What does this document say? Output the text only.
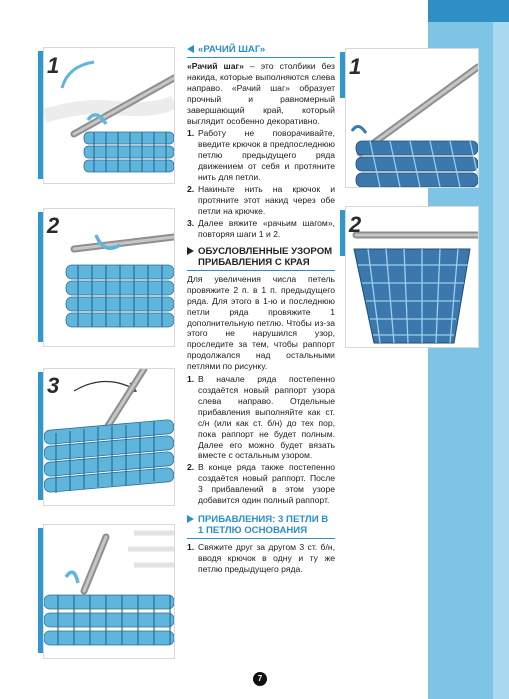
1
2
3
1
2
«РАЧИЙ ШАГ»

«Рачий шаг» – это столбики без накида, которые выполняются слева направо. «Рачий шаг» образует прочный и равномерный завершающий край, который выглядит особенно декоративно.

1. Работу не поворачивайте, введите крючок в предпоследнюю петлю предыдущего ряда движением от себя и протяните нить для петли.
2. Накиньте нить на крючок и протяните этот накид через обе петли на крючке.
3. Далее вяжите «рачьим шагом», повторяя шаги 1 и 2.
ОБУСЛОВЛЕННЫЕ УЗОРОМ ПРИБАВЛЕНИЯ С КРАЯ

Для увеличения числа петель провяжите 2 п. в 1 п. предыдущего ряда. Для этого в 1-ю и последнюю петли ряда провяжите 1 дополнительную петлю. Чтобы из-за этого не нарушился узор, проследите за тем, чтобы раппорт продолжался над остальными петлями по рисунку.

1. В начале ряда постепенно создаётся новый раппорт узора слева направо. Отдельные прибавления выполняйте как ст. с/н (или как ст. б/н) до тех пор, пока раппорт не будет полным. Далее его можно будет вязать вместе с остальным узором.
2. В конце ряда также постепенно создаётся новый раппорт. После 3 прибавлений в этом узоре добавится один полный раппорт.
ПРИБАВЛЕНИЯ: 3 ПЕТЛИ В 1 ПЕТЛЮ ОСНОВАНИЯ
1. Свяжите друг за другом 3 ст. б/н, вводя крючок в одну и ту же петлю предыдущего ряда.
7
